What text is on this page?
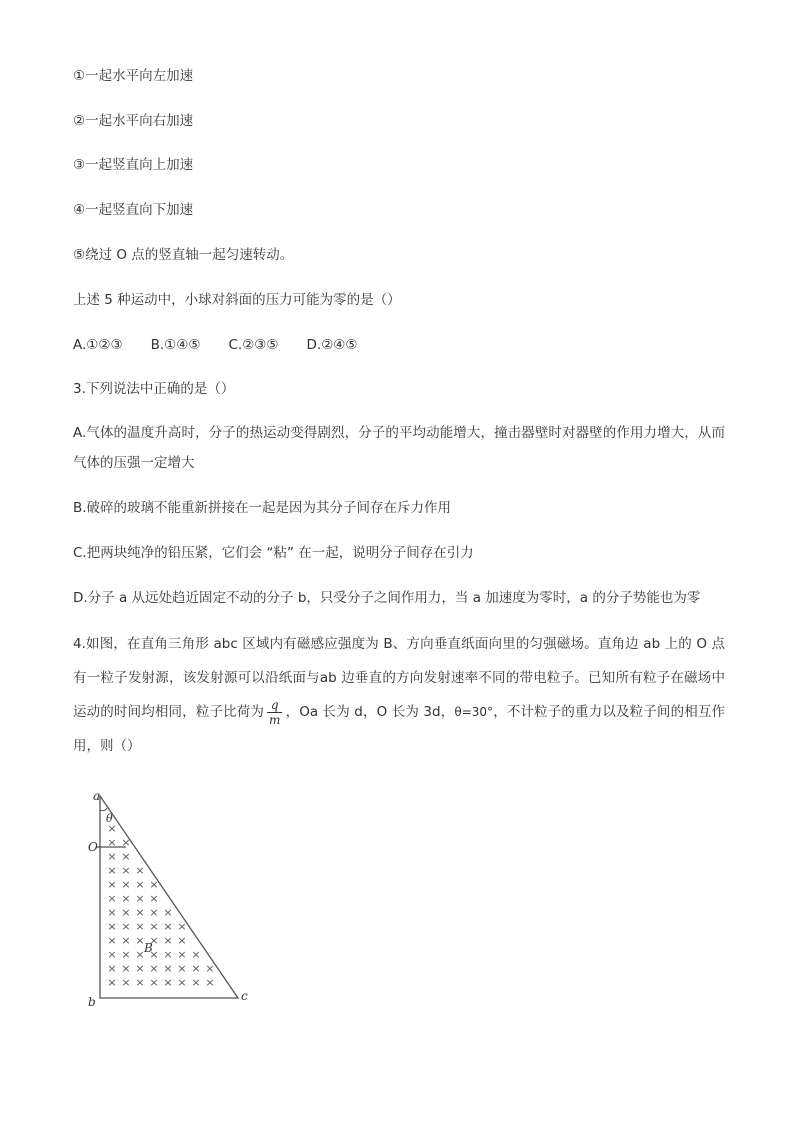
①一起水平向左加速
②一起水平向右加速
③一起竖直向上加速
④一起竖直向下加速
⑤绕过 O 点的竖直轴一起匀速转动。
上述 5 种运动中，小球对斜面的压力可能为零的是（）
A.①②③ B.①④⑤ C.②③⑤ D.②④⑤
3.下列说法中正确的是（）
A.气体的温度升高时，分子的热运动变得剧烈，分子的平均动能增大，撞击器壁时对器壁的作用力增大，从而气体的压强一定增大
B.破碎的玻璃不能重新拼接在一起是因为其分子间存在斥力作用
C.把两块纯净的铅压紧，它们会 “粘” 在一起，说明分子间存在引力
D.分子 a 从远处趋近固定不动的分子 b，只受分子之间作用力，当 a 加速度为零时，a 的分子势能也为零
4.如图，在直角三角形 abc 区域内有磁感应强度为 B、方向垂直纸面向里的匀强磁场。直角边 ab 上的 O 点有一粒子发射源，该发射源可以沿纸面与ab 边垂直的方向发射速率不同的带电粒子。已知所有粒子在磁场中运动的时间均相同，粒子比荷为 $\frac{q}{m}$ ，Oa 长为 d，O 长为 3d，θ=30°，不计粒子的重力以及粒子间的相互作用，则（）
×
× ×
× ×
× × ×
× × × ×
× × × ×
× × × × ×
× × × × × ×
× × × × × ×
× × × × × × ×
× × × × × × × ×
× × × × × × × ×
a
θ
O
B
b	c
